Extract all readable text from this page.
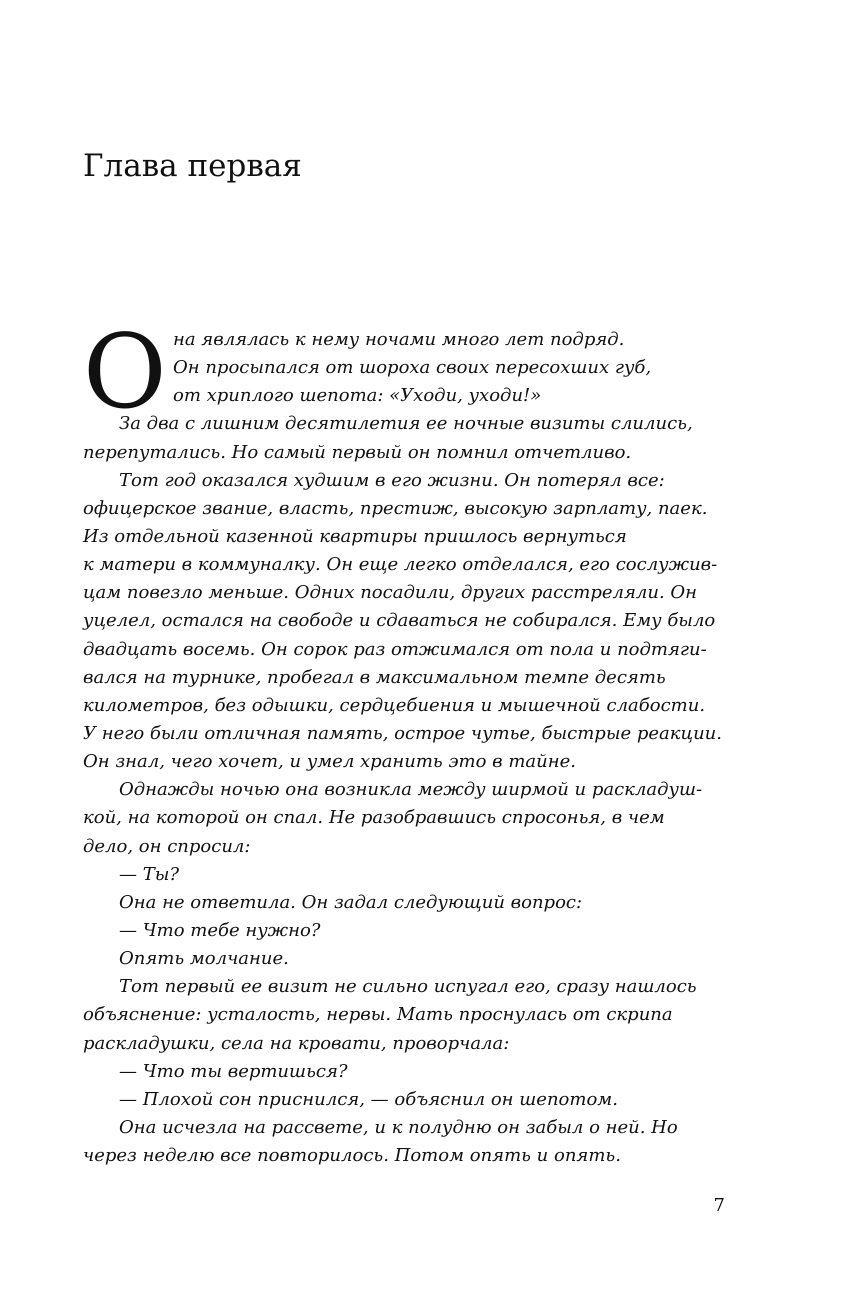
Глава первая
О на являлась к нему ночами много лет подряд.
Он просыпался от шороха своих пересохших губ,
от хриплого шепота: «Уходи, уходи!»
За два с лишним десятилетия ее ночные визиты слились,
перепутались. Но самый первый он помнил отчетливо.
Тот год оказался худшим в его жизни. Он потерял все:
офицерское звание, власть, престиж, высокую зарплату, паек.
Из отдельной казенной квартиры пришлось вернуться
к матери в коммуналку. Он еще легко отделался, его сослужив-
цам повезло меньше. Одних посадили, других расстреляли. Он
уцелел, остался на свободе и сдаваться не собирался. Ему было
двадцать восемь. Он сорок раз отжимался от пола и подтяги-
вался на турнике, пробегал в максимальном темпе десять
километров, без одышки, сердцебиения и мышечной слабости.
У него были отличная память, острое чутье, быстрые реакции.
Он знал, чего хочет, и умел хранить это в тайне.
Однажды ночью она возникла между ширмой и раскладуш-
кой, на которой он спал. Не разобравшись спросонья, в чем
дело, он спросил:
— Ты?
Она не ответила. Он задал следующий вопрос:
— Что тебе нужно?
Опять молчание.
Тот первый ее визит не сильно испугал его, сразу нашлось
объяснение: усталость, нервы. Мать проснулась от скрипа
раскладушки, села на кровати, проворчала:
— Что ты вертишься?
— Плохой сон приснился, — объяснил он шепотом.
Она исчезла на рассвете, и к полудню он забыл о ней. Но
через неделю все повторилось. Потом опять и опять.
7
